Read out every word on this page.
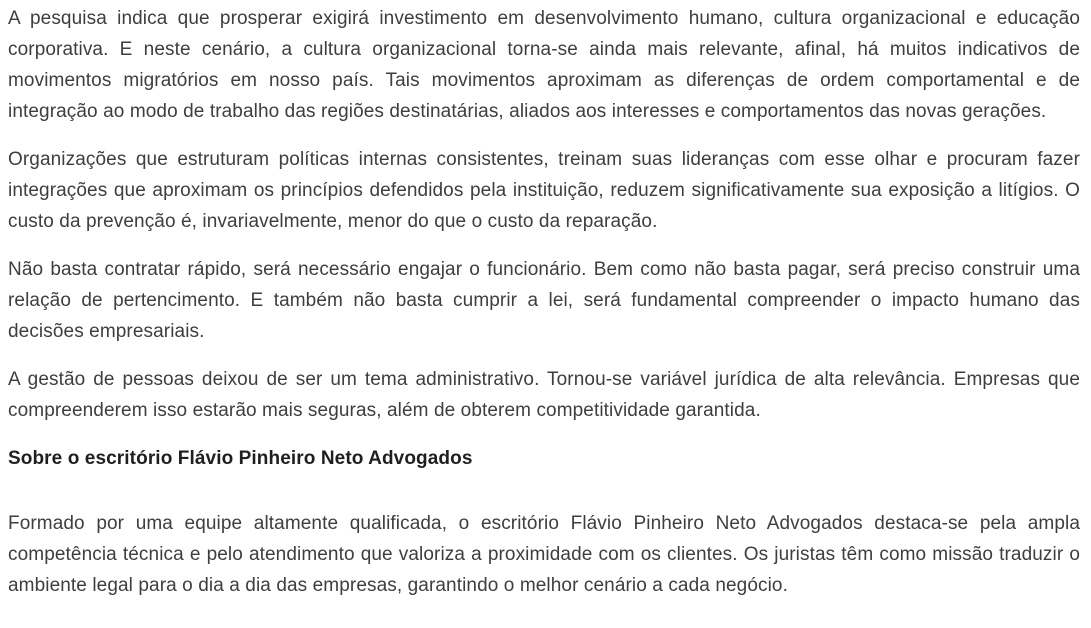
A pesquisa indica que prosperar exigirá investimento em desenvolvimento humano, cultura organizacional e educação corporativa. E neste cenário, a cultura organizacional torna-se ainda mais relevante, afinal, há muitos indicativos de movimentos migratórios em nosso país. Tais movimentos aproximam as diferenças de ordem comportamental e de integração ao modo de trabalho das regiões destinatárias, aliados aos interesses e comportamentos das novas gerações.

Organizações que estruturam políticas internas consistentes, treinam suas lideranças com esse olhar e procuram fazer integrações que aproximam os princípios defendidos pela instituição, reduzem significativamente sua exposição a litígios. O custo da prevenção é, invariavelmente, menor do que o custo da reparação.

Não basta contratar rápido, será necessário engajar o funcionário. Bem como não basta pagar, será preciso construir uma relação de pertencimento. E também não basta cumprir a lei, será fundamental compreender o impacto humano das decisões empresariais.

A gestão de pessoas deixou de ser um tema administrativo. Tornou-se variável jurídica de alta relevância. Empresas que compreenderem isso estarão mais seguras, além de obterem competitividade garantida.

Sobre o escritório Flávio Pinheiro Neto Advogados

Formado por uma equipe altamente qualificada, o escritório Flávio Pinheiro Neto Advogados destaca-se pela ampla competência técnica e pelo atendimento que valoriza a proximidade com os clientes. Os juristas têm como missão traduzir o ambiente legal para o dia a dia das empresas, garantindo o melhor cenário a cada negócio.
